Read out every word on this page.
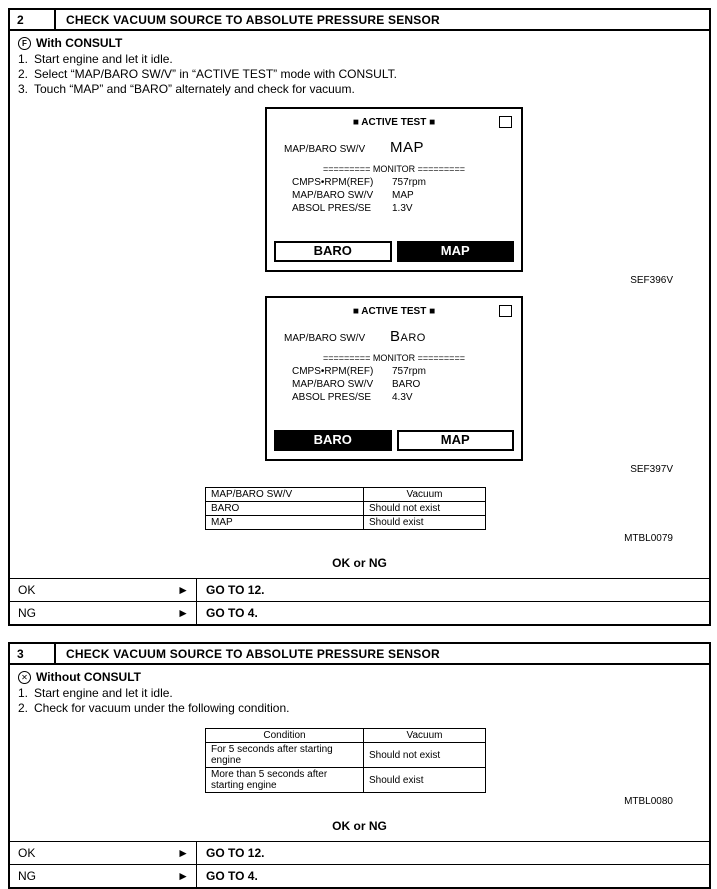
2	CHECK VACUUM SOURCE TO ABSOLUTE PRESSURE SENSOR
F With CONSULT
1. Start engine and let it idle.
2. Select “MAP/BARO SW/V” in “ACTIVE TEST” mode with CONSULT.
3. Touch “MAP” and “BARO” alternately and check for vacuum.
■ ACTIVE TEST ■
MAP/BARO SW/V	MAP
========= MONITOR =========
CMPS•RPM(REF)	757rpm
MAP/BARO SW/V	MAP
ABSOL PRES/SE	1.3V
BARO	MAP
SEF396V
■ ACTIVE TEST ■
MAP/BARO SW/V	Baro
========= MONITOR =========
CMPS•RPM(REF)	757rpm
MAP/BARO SW/V	BARO
ABSOL PRES/SE	4.3V
BARO	MAP
SEF397V
MAP/BARO SW/V	Vacuum
BARO	Should not exist
MAP	Should exist
MTBL0079
OK or NG
OK	►	GO TO 12.
NG	►	GO TO 4.
3	CHECK VACUUM SOURCE TO ABSOLUTE PRESSURE SENSOR
✕ Without CONSULT
1. Start engine and let it idle.
2. Check for vacuum under the following condition.
Condition	Vacuum
For 5 seconds after starting engine	Should not exist
More than 5 seconds after starting engine	Should exist
MTBL0080
OK or NG
OK	►	GO TO 12.
NG	►	GO TO 4.
